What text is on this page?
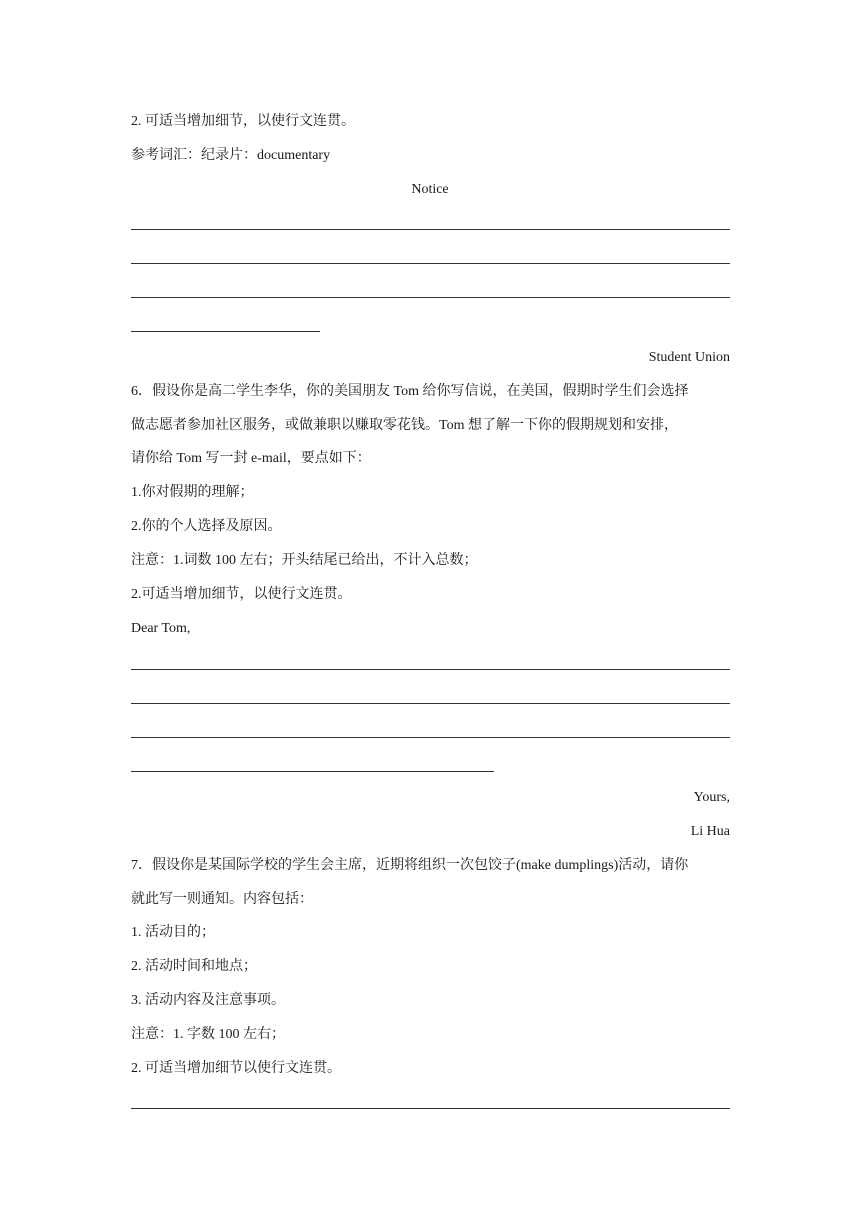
2. 可适当增加细节，以使行文连贯。
参考词汇：纪录片：documentary
Notice
Student Union
6．假设你是高二学生李华，你的美国朋友 Tom 给你写信说，在美国，假期时学生们会选择
做志愿者参加社区服务，或做兼职以赚取零花钱。Tom 想了解一下你的假期规划和安排，
请你给 Tom 写一封 e-mail，要点如下：
1.你对假期的理解；
2.你的个人选择及原因。
注意：1.词数 100 左右；开头结尾已给出，不计入总数；
2.可适当增加细节，以使行文连贯。
Dear Tom,
Yours,
Li Hua
7．假设你是某国际学校的学生会主席，近期将组织一次包饺子(make dumplings)活动，请你
就此写一则通知。内容包括：
1. 活动目的；
2. 活动时间和地点；
3. 活动内容及注意事项。
注意：1. 字数 100 左右；
2. 可适当增加细节以使行文连贯。
